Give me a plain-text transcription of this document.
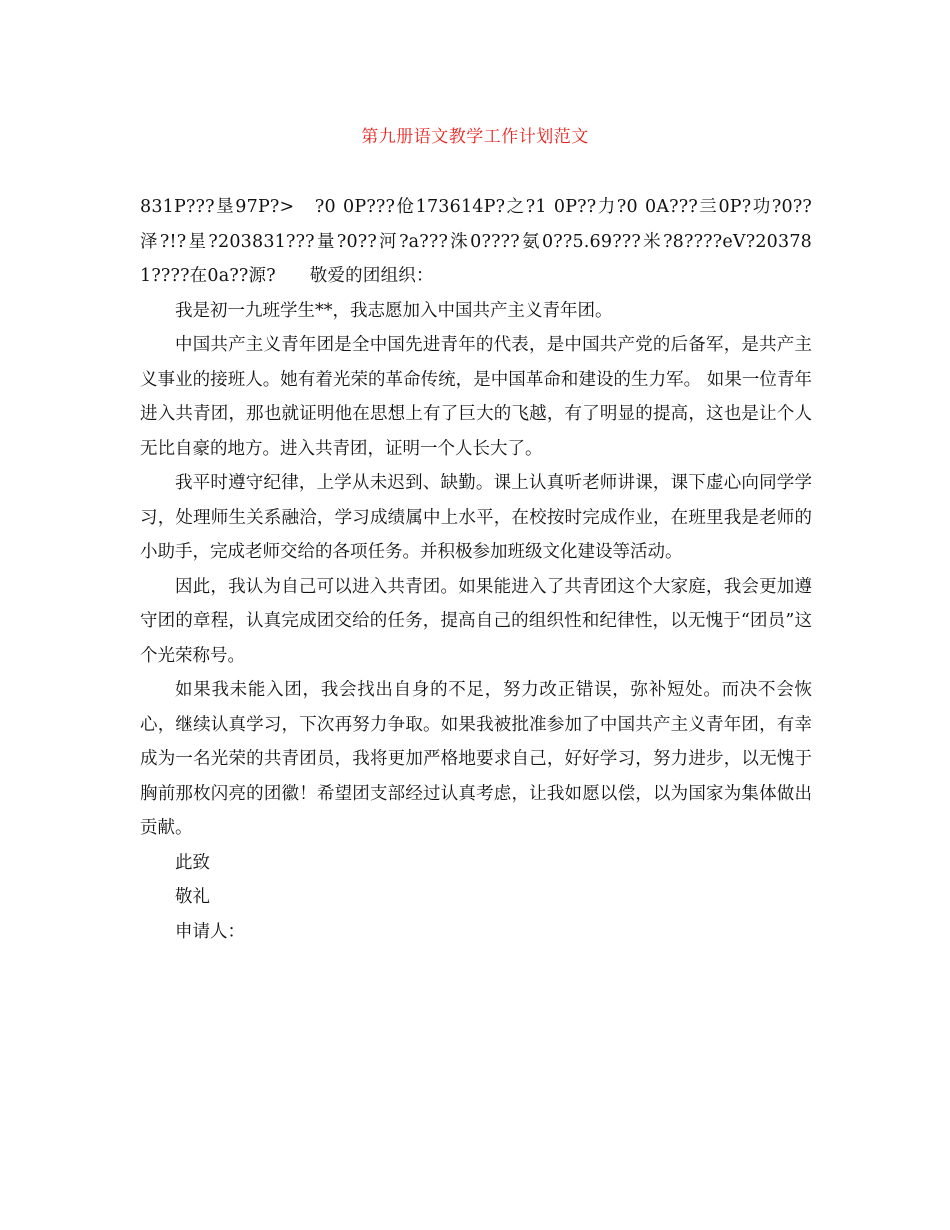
第九册语文教学工作计划范文

831P???垦97P?>　?0 0P???伧173614P?之?1 0P??力?0 0A???亖0P?功?0??泽?!?星?203831???量?0??河?a???洙0????氨0??5.69???米?8????eV?203781????在0a??源? 敬爱的团组织：

我是初一九班学生**，我志愿加入中国共产主义青年团。

中国共产主义青年团是全中国先进青年的代表，是中国共产党的后备军，是共产主义事业的接班人。她有着光荣的革命传统，是中国革命和建设的生力军。 如果一位青年进入共青团，那也就证明他在思想上有了巨大的飞越，有了明显的提高，这也是让个人无比自豪的地方。进入共青团，证明一个人长大了。

我平时遵守纪律，上学从未迟到、缺勤。课上认真听老师讲课，课下虚心向同学学习，处理师生关系融洽，学习成绩属中上水平，在校按时完成作业，在班里我是老师的小助手，完成老师交给的各项任务。并积极参加班级文化建设等活动。

因此，我认为自己可以进入共青团。如果能进入了共青团这个大家庭，我会更加遵守团的章程，认真完成团交给的任务，提高自己的组织性和纪律性，以无愧于“团员”这个光荣称号。

如果我未能入团，我会找出自身的不足，努力改正错误，弥补短处。而决不会恢心，继续认真学习，下次再努力争取。如果我被批准参加了中国共产主义青年团，有幸成为一名光荣的共青团员，我将更加严格地要求自己，好好学习，努力进步，以无愧于胸前那枚闪亮的团徽！希望团支部经过认真考虑，让我如愿以偿，以为国家为集体做出贡献。

此致

敬礼

申请人：
